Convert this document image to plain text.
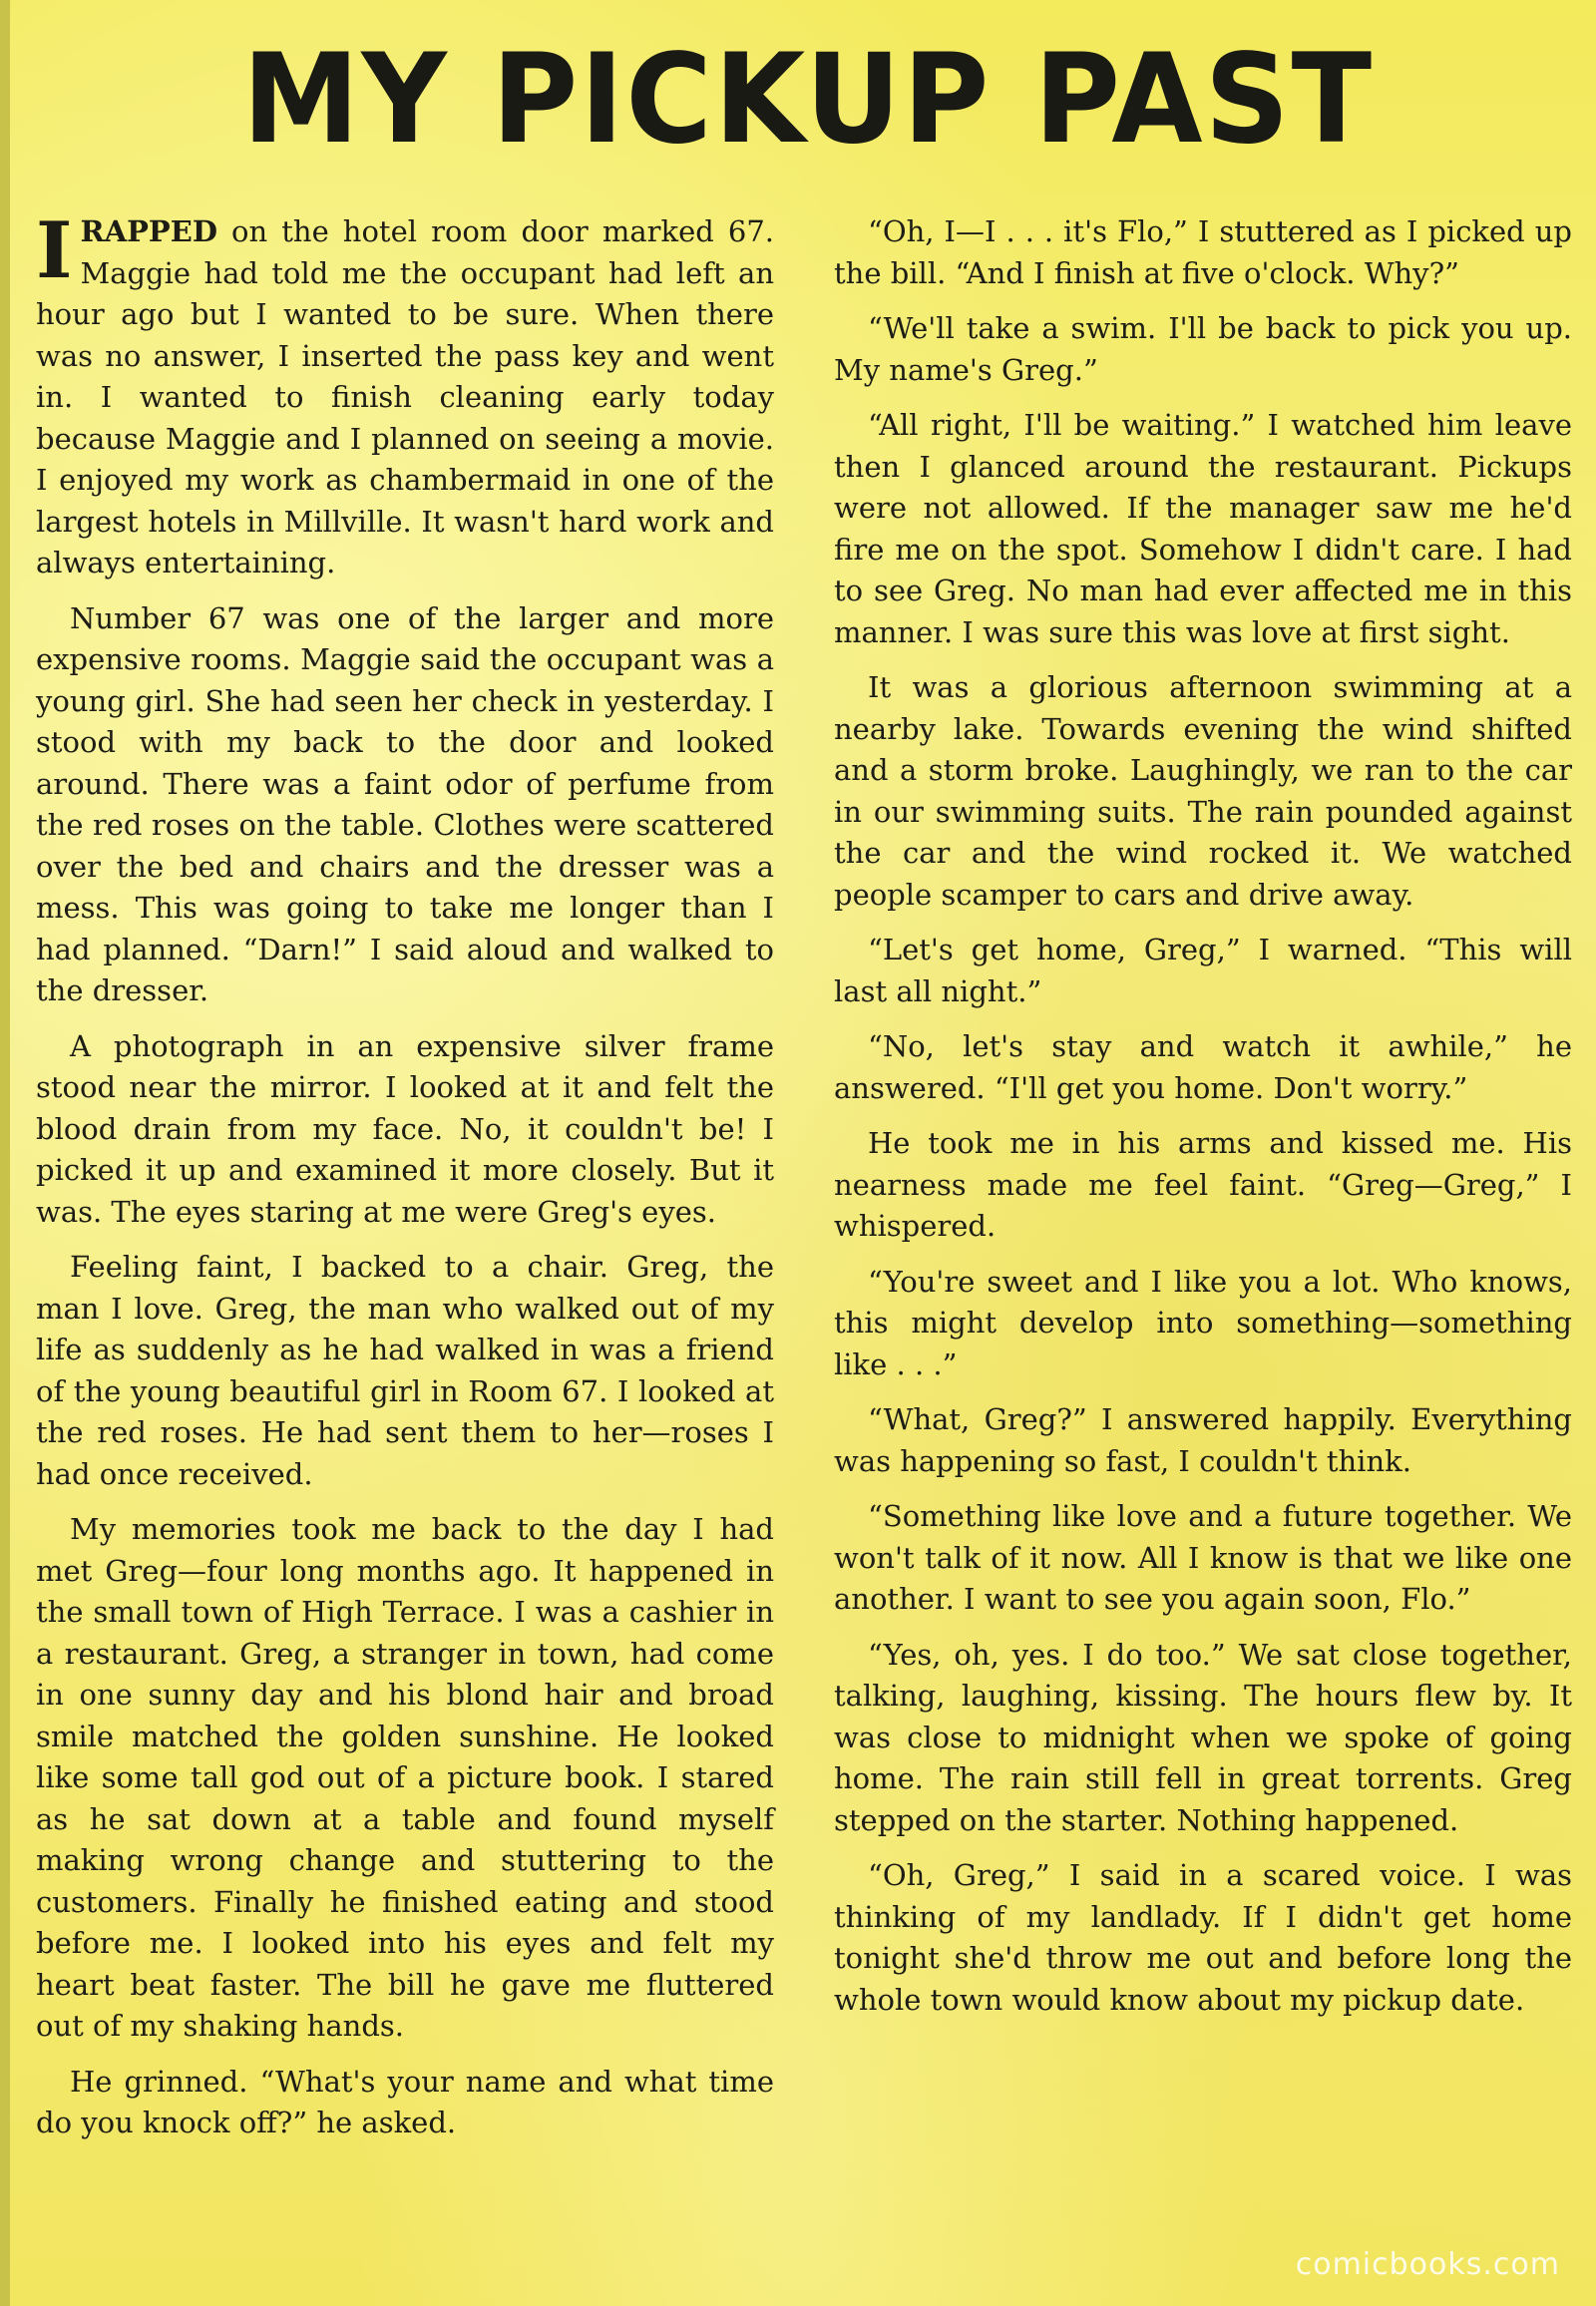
MY PICKUP PAST

IRAPPED on the hotel room door marked 67. Maggie had told me the occupant had left an hour ago but I wanted to be sure. When there was no answer, I inserted the pass key and went in. I wanted to finish cleaning early today because Maggie and I planned on seeing a movie. I enjoyed my work as chambermaid in one of the largest hotels in Millville. It wasn't hard work and always entertaining.

Number 67 was one of the larger and more expensive rooms. Maggie said the occupant was a young girl. She had seen her check in yesterday. I stood with my back to the door and looked around. There was a faint odor of perfume from the red roses on the table. Clothes were scattered over the bed and chairs and the dresser was a mess. This was going to take me longer than I had planned. “Darn!” I said aloud and walked to the dresser.

A photograph in an expensive silver frame stood near the mirror. I looked at it and felt the blood drain from my face. No, it couldn't be! I picked it up and examined it more closely. But it was. The eyes staring at me were Greg's eyes.

Feeling faint, I backed to a chair. Greg, the man I love. Greg, the man who walked out of my life as suddenly as he had walked in was a friend of the young beautiful girl in Room 67. I looked at the red roses. He had sent them to her—roses I had once received.

My memories took me back to the day I had met Greg—four long months ago. It happened in the small town of High Terrace. I was a cashier in a restaurant. Greg, a stranger in town, had come in one sunny day and his blond hair and broad smile matched the golden sunshine. He looked like some tall god out of a picture book. I stared as he sat down at a table and found myself making wrong change and stuttering to the customers. Finally he finished eating and stood before me. I looked into his eyes and felt my heart beat faster. The bill he gave me fluttered out of my shaking hands.

He grinned. “What's your name and what time do you knock off?” he asked.

“Oh, I—I . . . it's Flo,” I stuttered as I picked up the bill. “And I finish at five o'clock. Why?”

“We'll take a swim. I'll be back to pick you up. My name's Greg.”

“All right, I'll be waiting.” I watched him leave then I glanced around the restaurant. Pickups were not allowed. If the manager saw me he'd fire me on the spot. Somehow I didn't care. I had to see Greg. No man had ever affected me in this manner. I was sure this was love at first sight.

It was a glorious afternoon swimming at a nearby lake. Towards evening the wind shifted and a storm broke. Laughingly, we ran to the car in our swimming suits. The rain pounded against the car and the wind rocked it. We watched people scamper to cars and drive away.

“Let's get home, Greg,” I warned. “This will last all night.”

“No, let's stay and watch it awhile,” he answered. “I'll get you home. Don't worry.”

He took me in his arms and kissed me. His nearness made me feel faint. “Greg—Greg,” I whispered.

“You're sweet and I like you a lot. Who knows, this might develop into something—something like . . .”

“What, Greg?” I answered happily. Everything was happening so fast, I couldn't think.

“Something like love and a future together. We won't talk of it now. All I know is that we like one another. I want to see you again soon, Flo.”

“Yes, oh, yes. I do too.” We sat close together, talking, laughing, kissing. The hours flew by. It was close to midnight when we spoke of going home. The rain still fell in great torrents. Greg stepped on the starter. Nothing happened.

“Oh, Greg,” I said in a scared voice. I was thinking of my landlady. If I didn't get home tonight she'd throw me out and before long the whole town would know about my pickup date.

comicbooks.com
